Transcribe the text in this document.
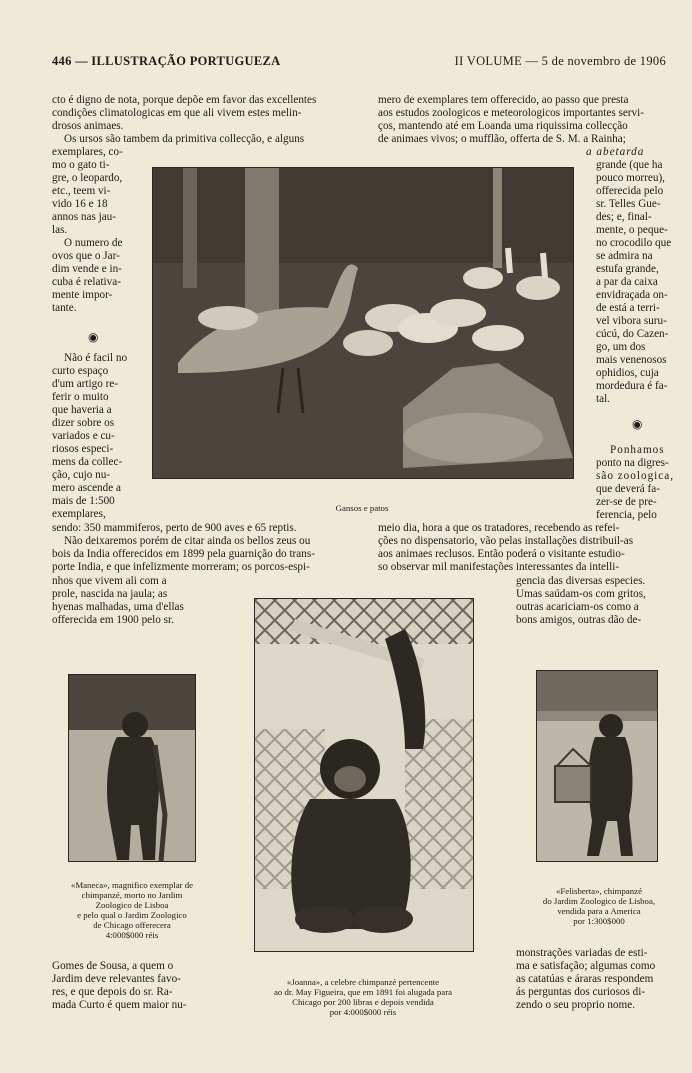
446 — ILLUSTRAÇÃO PORTUGUEZA	II VOLUME — 5 de novembro de 1906
cto é digno de nota, porque depõe em favor das excellentes
condições climatologicas em que ali vivem estes melin-
drosos animaes.
Os ursos são tambem da primitiva collecção, e alguns
exemplares, co-
mo o gato ti-
gre, o leopardo,
etc., teem vi-
vido 16 e 18
annos nas jau-
las.
O numero de
ovos que o Jar-
dim vende e in-
cuba é relativa-
mente impor-
tante.
◉
Não é facil no
curto espaço
d'um artigo re-
ferir o muito
que haveria a
dizer sobre os
variados e cu-
riosos especi-
mens da collec-
ção, cujo nu-
mero ascende a
mais de 1:500
exemplares,
sendo: 350 mammiferos, perto de 900 aves e 65 reptis.
Não deixaremos porém de citar ainda os bellos zeus ou
bois da India offerecidos em 1899 pela guarnição do trans-
porte India, e que infelizmente morreram; os porcos-espi-
nhos que vivem ali com a
prole, nascida na jaula; as
hyenas malhadas, uma d'ellas
offerecida em 1900 pelo sr.
mero de exemplares tem offerecido, ao passo que presta
aos estudos zoologicos e meteorologicos importantes servi-
ços, mantendo até em Loanda uma riquissima collecção
de animaes vivos; o mufflão, offerta de S. M. a Rainha;
a abetarda
grande (que ha
pouco morreu),
offerecida pelo
sr. Telles Gue-
des; e, final-
mente, o peque-
no crocodilo que
se admira na
estufa grande,
a par da caixa
envidraçada on-
de está a terri-
vel vibora suru-
cúcú, do Cazen-
go, um dos
mais venenosos
ophidios, cuja
mordedura é fa-
tal.
◉
Ponhamos
ponto na digres-
são zoologica,
que deverá fa-
zer-se de pre-
ferencia, pelo
meio dia, hora a que os tratadores, recebendo as refei-
ções no dispensatorio, vão pelas installações distribuil-as
aos animaes reclusos. Então poderá o visitante estudio-
so observar mil manifestações interessantes da intelli-
gencia das diversas especies.
Umas saúdam-os com gritos,
outras acariciam-os como a
bons amigos, outras dão de-
Gansos e patos
«Maneca», magnifico exemplar de
chimpanzé, morto no Jardim
Zoologico de Lisboa
e pelo qual o Jardim Zoologico
de Chicago offerecera
4:000$000 réis
«Joanna», a celebre chimpanzé pertencente
ao dr. May Figueira, que em 1891 foi alugada para
Chicago por 200 libras e depois vendida
por 4:000$000 réis
«Felisberta», chimpanzé
do Jardim Zoologico de Lisboa,
vendida para a America
por 1:300$000
Gomes de Sousa, a quem o
Jardim deve relevantes favo-
res, e que depois do sr. Ra-
mada Curto é quem maior nu-
monstrações variadas de esti-
ma e satisfação; algumas como
as catatúas e áraras respondem
ás perguntas dos curiosos di-
zendo o seu proprio nome.
